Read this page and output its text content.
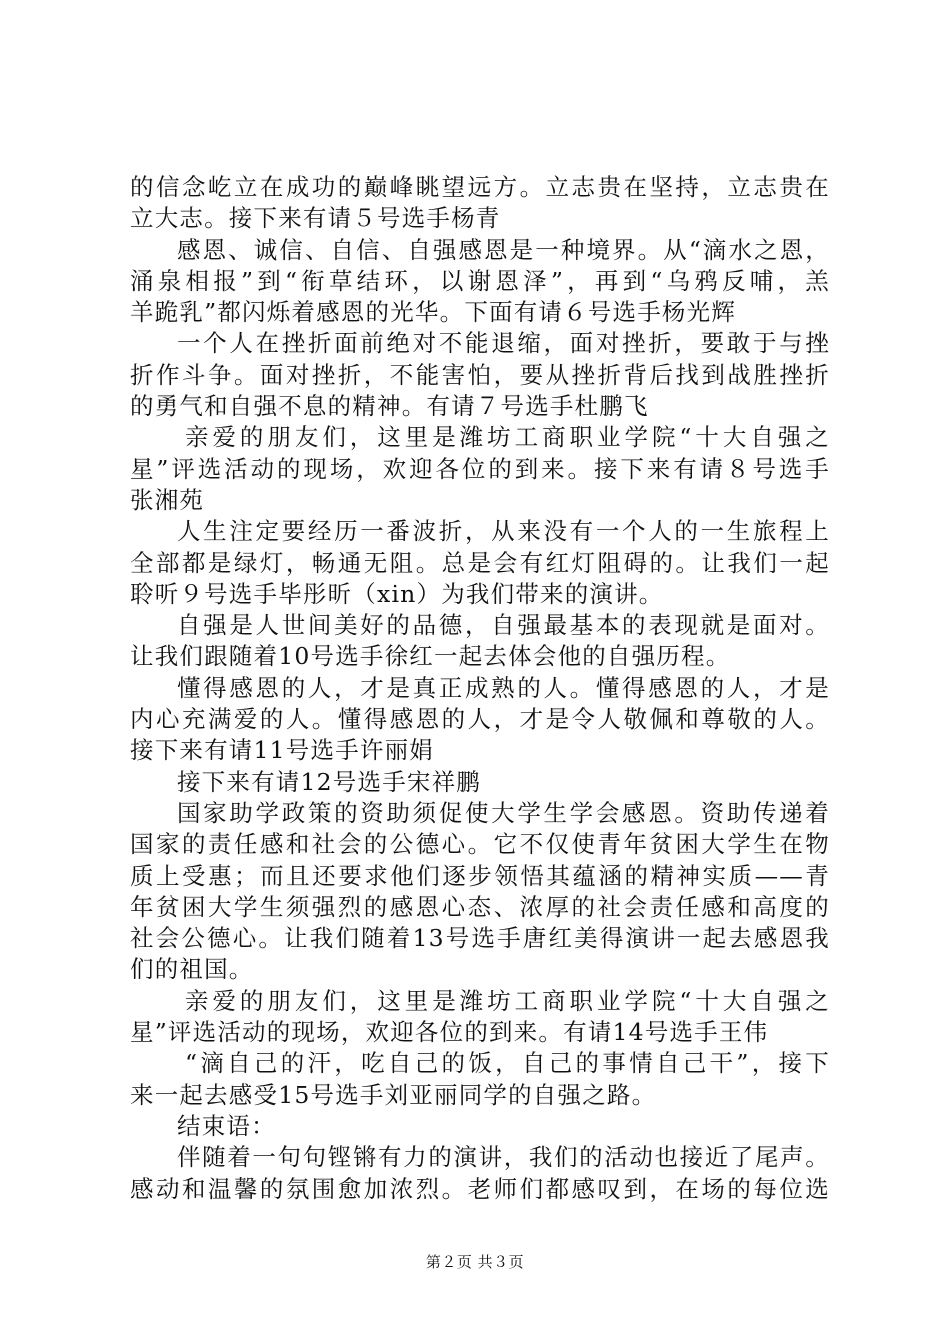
的信念屹立在成功的巅峰眺望远方。立志贵在坚持，立志贵在
立大志。接下来有请５号选手杨青
感恩、诚信、自信、自强感恩是一种境界。从“滴水之恩，
涌泉相报”到“衔草结环，以谢恩泽”，再到“乌鸦反哺，羔
羊跪乳”都闪烁着感恩的光华。下面有请６号选手杨光辉
一个人在挫折面前绝对不能退缩，面对挫折，要敢于与挫
折作斗争。面对挫折，不能害怕，要从挫折背后找到战胜挫折
的勇气和自强不息的精神。有请７号选手杜鹏飞
亲爱的朋友们，这里是潍坊工商职业学院“十大自强之
星”评选活动的现场，欢迎各位的到来。接下来有请８号选手
张湘苑
人生注定要经历一番波折，从来没有一个人的一生旅程上
全部都是绿灯，畅通无阻。总是会有红灯阻碍的。让我们一起
聆听９号选手毕彤昕（xin）为我们带来的演讲。
自强是人世间美好的品德，自强最基本的表现就是面对。
让我们跟随着10号选手徐红一起去体会他的自强历程。
懂得感恩的人，才是真正成熟的人。懂得感恩的人，才是
内心充满爱的人。懂得感恩的人，才是令人敬佩和尊敬的人。
接下来有请11号选手许丽娟
接下来有请12号选手宋祥鹏
国家助学政策的资助须促使大学生学会感恩。资助传递着
国家的责任感和社会的公德心。它不仅使青年贫困大学生在物
质上受惠；而且还要求他们逐步领悟其蕴涵的精神实质——青
年贫困大学生须强烈的感恩心态、浓厚的社会责任感和高度的
社会公德心。让我们随着13号选手唐红美得演讲一起去感恩我
们的祖国。
亲爱的朋友们，这里是潍坊工商职业学院“十大自强之
星”评选活动的现场，欢迎各位的到来。有请14号选手王伟
“滴自己的汗，吃自己的饭，自己的事情自己干”，接下
来一起去感受15号选手刘亚丽同学的自强之路。
结束语：
伴随着一句句铿锵有力的演讲，我们的活动也接近了尾声。
感动和温馨的氛围愈加浓烈。老师们都感叹到，在场的每位选
第２页 共３页
